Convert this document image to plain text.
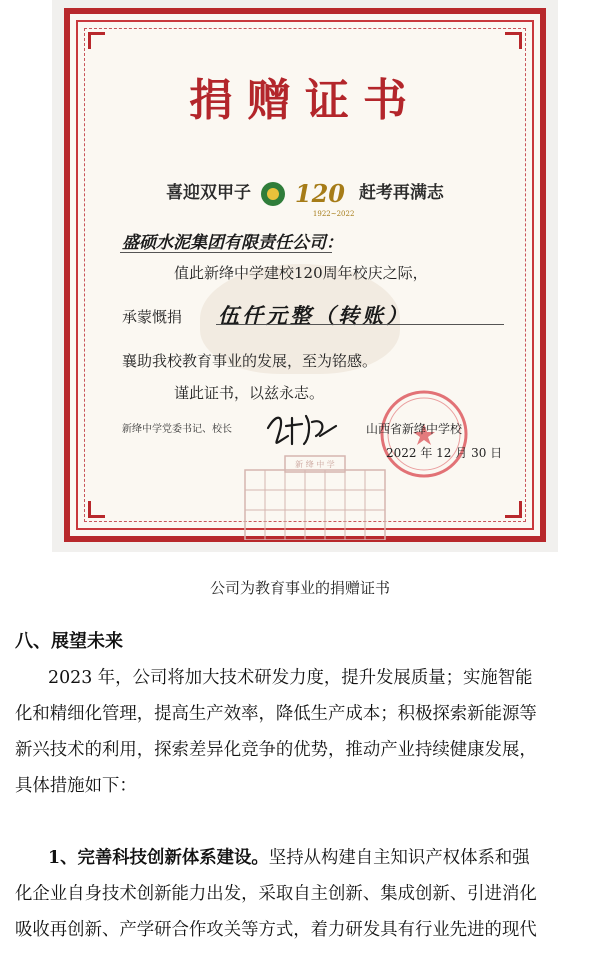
捐赠证书
喜迎双甲子 120
1922~2022
赶考再满志
盛硕水泥集团有限责任公司：
值此新绛中学建校120周年校庆之际，
承蒙慨捐 伍仟元整（转账）
襄助我校教育事业的发展，至为铭感。
谨此证书，以兹永志。
新绛中学党委书记、校长	山西省新绛中学校
2022 年 12 月 30 日
新 绛 中 学
公司为教育事业的捐赠证书
八、展望未来
2023 年，公司将加大技术研发力度，提升发展质量；实施智能
化和精细化管理，提高生产效率，降低生产成本；积极探索新能源等
新兴技术的利用，探索差异化竞争的优势，推动产业持续健康发展，
具体措施如下：
1、完善科技创新体系建设。坚持从构建自主知识产权体系和强
化企业自身技术创新能力出发，采取自主创新、集成创新、引进消化
吸收再创新、产学研合作攻关等方式，着力研发具有行业先进的现代
